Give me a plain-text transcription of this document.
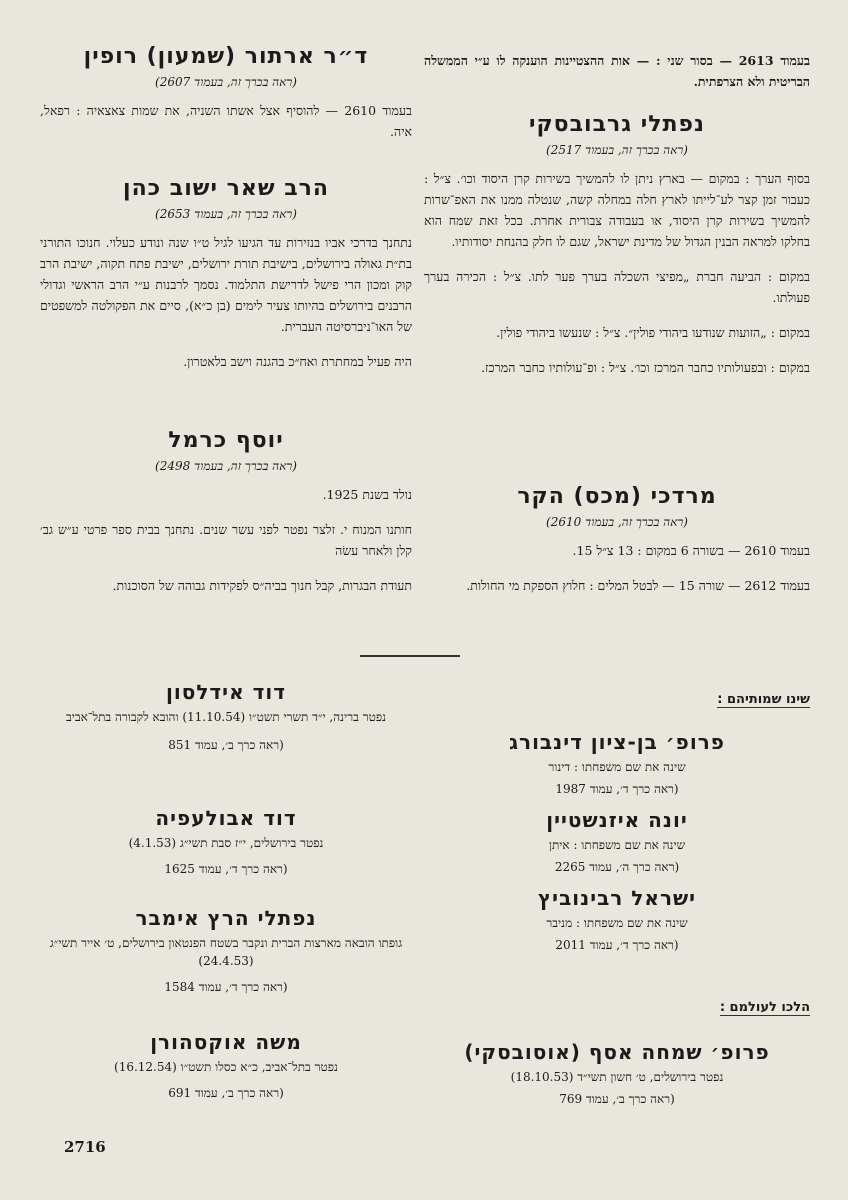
בעמוד 2613 — בסור שני : — אות ההצטיינות הוענקה לו ע״י הממשלה הבריטית ולא הצרפתית.

נפתלי גרבובסקי
(ראה בכרך זה, בעמוד 2517)

בסוף הערך : במקום — בארץ ניתן לו להמשיך בשירות קרן היסוד וכו׳. צ״ל : כעבור זמן קצר לע־לייתו לארץ חלה במחלה קשה, שנטלה ממנו את האפ־שרות להמשיך בשירות קרן היסוד, או בעבודה צבורית אחרת. בכל זאת שמח הוא בחלקו למראה הבנין הגדול של מדינת ישראל, שגם לו חלק בהנחת יסודותיו.

במקום : הביעה חברת „מפיצי השכלה בערך פער לתו. צ״ל : הכירה בערך פעולתו.

במקום : „הזועות שנודעו ביהודי פולין״. צ״ל : שנעשו ביהודי פולין.

במקום : ובפעולותיו כחבר המרכז וכו׳. צ״ל : ופ־עולותיו כחבר המרכז.

מרדכי (מכס) הקר
(ראה בכרך זה, בעמוד 2610)

בעמוד 2610 — בשורה 6 במקום : 13 צ״ל 15.

בעמוד 2612 — שורה 15 — לבטל המלים : חלוץ הספקת מי החולות.

ד״ר ארתור (שמעון) רופין
(ראה בכרך זה, בעמוד 2607)

בעמוד 2610 — להוסיף אצל אשתו השניה, את שמות צאצאיה : רפאל, איה.

הרב שאר ישוב כהן
(ראה בכרך זה, בעמוד 2653)

נתחנך בדרכי אביו בנזירות עד הגיעו לגיל ט״ו שנה ונודע כעלוי. חנוכו התורני בת״ת גאולה בירושלים, בישיבת תורת ירושלים, ישיבת פתח תקוה, ישיבת הרב קוק ומכון הרי פישל לדרישת התלמוד. נסמך לרבנות ע״י הרב הראשי וגדולי הרבנים בירושלים בהיותו צעיר לימים (בן כ״א), סיים את הפקולטה למשפטים של האו־ניברסיטה העברית.

היה פעיל במחתרת ואח״כ בהגנה וישב בלאטרון.

יוסף כרמל
(ראה בכרך זה, בעמוד 2498)

נולד בשנת 1925.

חותנו המנוח י. זלצר נפטר לפני עשר שנים. נתחנך בבית ספר פרטי ע״ש גב׳ קלן ולאחר עשׂה

תעודת הבגרות, קבל חנוך בביה״ס לפקידות גבוהה של הסוכנות.

שינו שמותיהם :
פרופ׳ בן-ציון דינבורג
שינה את שם משפחתו : דינור
(ראה כרך ד׳, עמוד 1987
יונה איזנשטיין
שינה את שם משפחתו : איתן
(ראה כרך ה׳, עמוד 2265
ישראל רבינוביץ
שינה את שם משפחתו : מניבר
(ראה כרך ד׳, עמוד 2011
הלכו לעולמם :
פרופ׳ שמחה אסף (אוסובסקי)
נפטר בירושלים, ט׳ חשון תשי״ד (18.10.53)
(ראה כרך ב׳, עמוד 769
דוד אידלסון
נפטר ברינה, י״ד תשרי תשט״ו (11.10.54) והובא לקבורה בתל־אביב
(ראה כרך ב׳, עמוד 851
דוד אבולעפיה
נפטר בירושלים, י״ז סבת תשי״ג (4.1.53)
(ראה כרך ד׳, עמוד 1625
נפתלי הרץ אימבר
גופתו הובאה מארצות הברית ונקבר בשטח הפנטאון בירושלים, ט׳ אייר תשי״ג (24.4.53)
(ראה כרך ד׳, עמוד 1584
משה אוקסהורן
נפטר בתל־אביב, כ״א כסלו תשט״ו (16.12.54)
(ראה כרך ב׳, עמוד 691
2716
